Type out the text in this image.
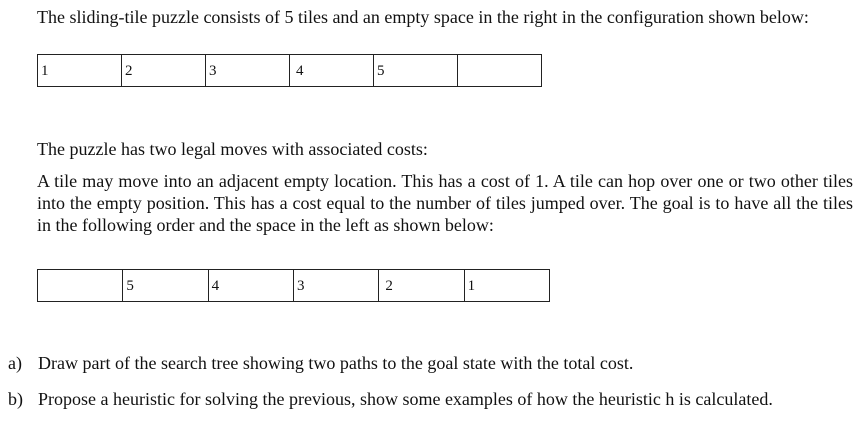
The sliding-tile puzzle consists of 5 tiles and an empty space in the right in the configuration shown below:

1	2	3	4	5

The puzzle has two legal moves with associated costs:

A tile may move into an adjacent empty location. This has a cost of 1. A tile can hop over one or two other tiles into the empty position. This has a cost equal to the number of tiles jumped over. The goal is to have all the tiles in the following order and the space in the left as shown below:

5	4	3	2	1
a) Draw part of the search tree showing two paths to the goal state with the total cost.
b) Propose a heuristic for solving the previous, show some examples of how the heuristic h is calculated.
